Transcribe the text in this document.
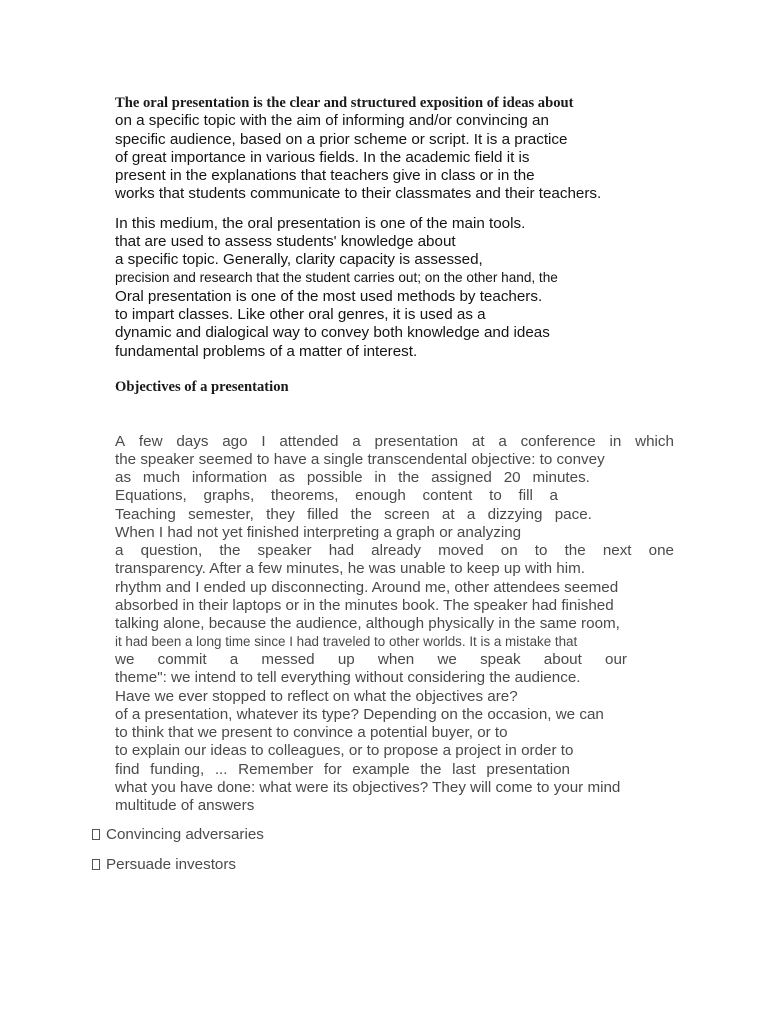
The oral presentation is the clear and structured exposition of ideas about
on a specific topic with the aim of informing and/or convincing an
specific audience, based on a prior scheme or script. It is a practice
of great importance in various fields. In the academic field it is
present in the explanations that teachers give in class or in the
works that students communicate to their classmates and their teachers.
In this medium, the oral presentation is one of the main tools.
that are used to assess students' knowledge about
a specific topic. Generally, clarity capacity is assessed,
precision and research that the student carries out; on the other hand, the
Oral presentation is one of the most used methods by teachers.
to impart classes. Like other oral genres, it is used as a
dynamic and dialogical way to convey both knowledge and ideas
fundamental problems of a matter of interest.
Objectives of a presentation
A few days ago I attended a presentation at a conference in which
the speaker seemed to have a single transcendental objective: to convey
as much information as possible in the assigned 20 minutes.
Equations, graphs, theorems, enough content to fill a
Teaching semester, they filled the screen at a dizzying pace.
When I had not yet finished interpreting a graph or analyzing
a question, the speaker had already moved on to the next one
transparency. After a few minutes, he was unable to keep up with him.
rhythm and I ended up disconnecting. Around me, other attendees seemed
absorbed in their laptops or in the minutes book. The speaker had finished
talking alone, because the audience, although physically in the same room,
it had been a long time since I had traveled to other worlds. It is a mistake that
we commit a messed up when we speak about our
theme": we intend to tell everything without considering the audience.
Have we ever stopped to reflect on what the objectives are?
of a presentation, whatever its type? Depending on the occasion, we can
to think that we present to convince a potential buyer, or to
to explain our ideas to colleagues, or to propose a project in order to
find funding, ... Remember for example the last presentation
what you have done: what were its objectives? They will come to your mind
multitude of answers
Convincing adversaries
Persuade investors
